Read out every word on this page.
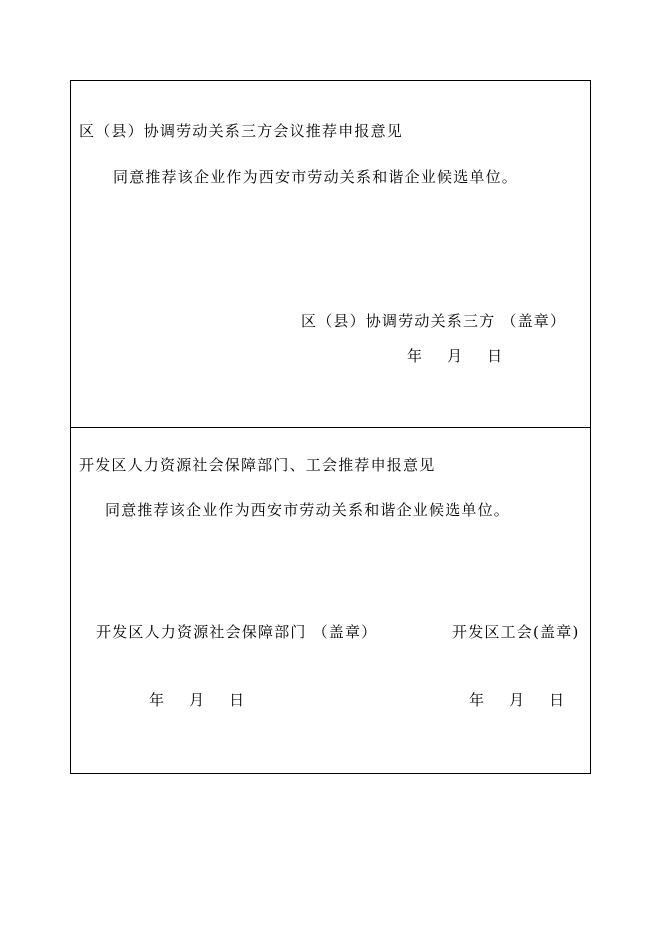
区（县）协调劳动关系三方会议推荐申报意见
同意推荐该企业作为西安市劳动关系和谐企业候选单位。
区（县）协调劳动关系三方 （盖章）
年    月    日
开发区人力资源社会保障部门、工会推荐申报意见
同意推荐该企业作为西安市劳动关系和谐企业候选单位。
开发区人力资源社会保障部门 （盖章）	开发区工会(盖章)
年    月    日	年    月    日
